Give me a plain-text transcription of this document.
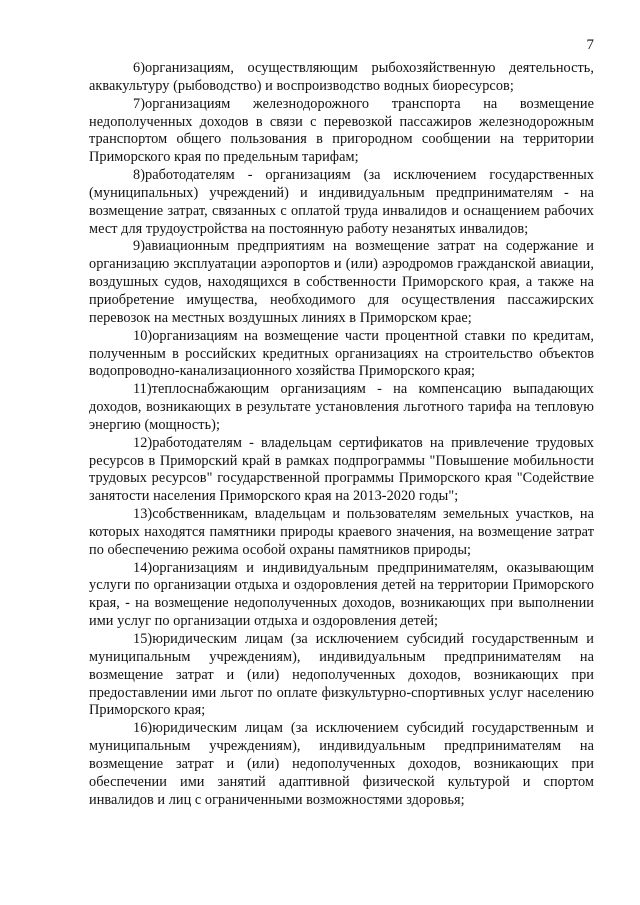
7

6)организациям, осуществляющим рыбохозяйственную деятельность, аквакультуру (рыбоводство) и воспроизводство водных биоресурсов;

7)организациям железнодорожного транспорта на возмещение недополученных доходов в связи с перевозкой пассажиров железнодорожным транспортом общего пользования в пригородном сообщении на территории Приморского края по предельным тарифам;

8)работодателям - организациям (за исключением государственных (муниципальных) учреждений) и индивидуальным предпринимателям - на возмещение затрат, связанных с оплатой труда инвалидов и оснащением рабочих мест для трудоустройства на постоянную работу незанятых инвалидов;

9)авиационным предприятиям на возмещение затрат на содержание и организацию эксплуатации аэропортов и (или) аэродромов гражданской авиации, воздушных судов, находящихся в собственности Приморского края, а также на приобретение имущества, необходимого для осуществления пассажирских перевозок на местных воздушных линиях в Приморском крае;

10)организациям на возмещение части процентной ставки по кредитам, полученным в российских кредитных организациях на строительство объектов водопроводно-канализационного хозяйства Приморского края;

11)теплоснабжающим организациям - на компенсацию выпадающих доходов, возникающих в результате установления льготного тарифа на тепловую энергию (мощность);

12)работодателям - владельцам сертификатов на привлечение трудовых ресурсов в Приморский край в рамках подпрограммы "Повышение мобильности трудовых ресурсов" государственной программы Приморского края "Содействие занятости населения Приморского края на 2013-2020 годы";

13)собственникам, владельцам и пользователям земельных участков, на которых находятся памятники природы краевого значения, на возмещение затрат по обеспечению режима особой охраны памятников природы;

14)организациям и индивидуальным предпринимателям, оказывающим услуги по организации отдыха и оздоровления детей на территории Приморского края, - на возмещение недополученных доходов, возникающих при выполнении ими услуг по организации отдыха и оздоровления детей;

15)юридическим лицам (за исключением субсидий государственным и муниципальным учреждениям), индивидуальным предпринимателям на возмещение затрат и (или) недополученных доходов, возникающих при предоставлении ими льгот по оплате физкультурно-спортивных услуг населению Приморского края;

16)юридическим лицам (за исключением субсидий государственным и муниципальным учреждениям), индивидуальным предпринимателям на возмещение затрат и (или) недополученных доходов, возникающих при обеспечении ими занятий адаптивной физической культурой и спортом инвалидов и лиц с ограниченными возможностями здоровья;
